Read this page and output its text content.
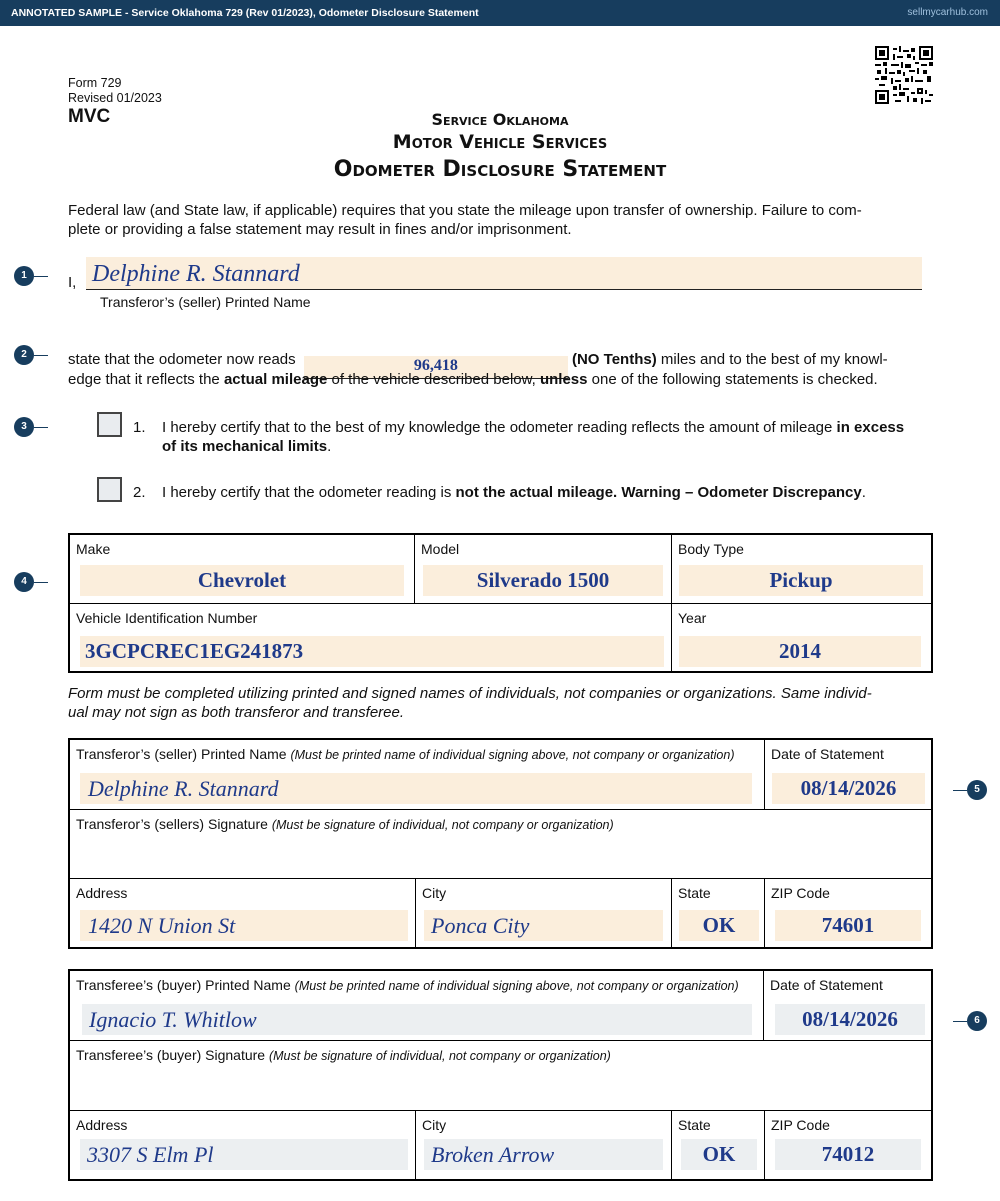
ANNOTATED SAMPLE - Service Oklahoma 729 (Rev 01/2023), Odometer Disclosure Statement	sellmycarhub.com
Form 729
Revised 01/2023
MVC	Service Oklahoma
Motor Vehicle Services
Odometer Disclosure Statement
Federal law (and State law, if applicable) requires that you state the mileage upon transfer of ownership. Failure to com-
plete or providing a false statement may result in fines and/or imprisonment.
1	I, Delphine R. Stannard
Transferor’s (seller) Printed Name
2	state that the odometer now reads	96,418	(NO Tenths) miles and to the best of my knowl-
edge that it reflects the actual mileage of the vehicle described below, unless one of the following statements is checked.
3	1. I hereby certify that to the best of my knowledge the odometer reading reflects the amount of mileage in excess of its mechanical limits.
2. I hereby certify that the odometer reading is not the actual mileage. Warning – Odometer Discrepancy.
4
Make
Chevrolet
Model
Silverado 1500
Body Type
Pickup
Vehicle Identification Number
3GCPCREC1EG241873
Year
2014
Form must be completed utilizing printed and signed names of individuals, not companies or organizations. Same individ-
ual may not sign as both transferor and transferee.
5
Transferor’s (seller) Printed Name (Must be printed name of individual signing above, not company or organization)
Delphine R. Stannard
Date of Statement
08/14/2026
Transferor’s (sellers) Signature (Must be signature of individual, not company or organization)
Address
1420 N Union St
City
Ponca City
State
OK
ZIP Code
74601
6
Transferee’s (buyer) Printed Name (Must be printed name of individual signing above, not company or organization)
Ignacio T. Whitlow
Date of Statement
08/14/2026
Transferee’s (buyer) Signature (Must be signature of individual, not company or organization)
Address
3307 S Elm Pl
City
Broken Arrow
State
OK
ZIP Code
74012
